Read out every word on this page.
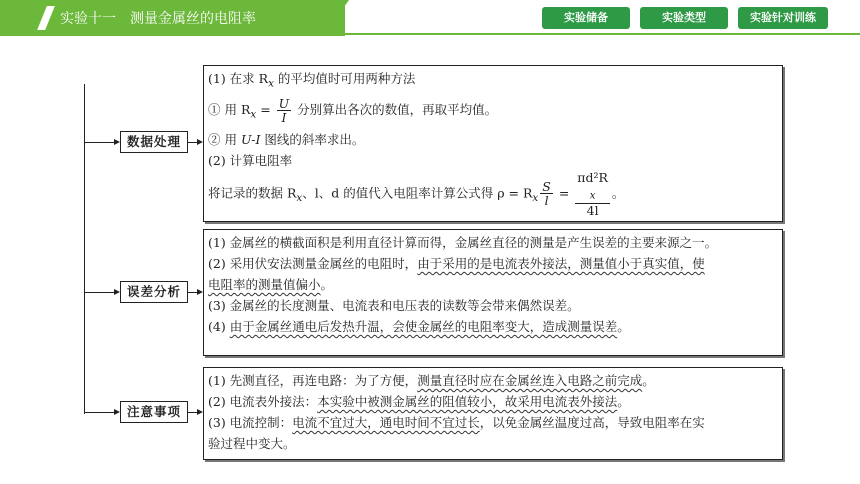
实验十一　测量金属丝的电阻率	实验储备	实验类型	实验针对训练
数据处理
误差分析
注意事项

(1) 在求 $R_x$ 的平均值时可用两种方法

① 用 $R_x = \frac{U}{I}$ 分别算出各次的数值，再取平均值。

② 用 U-I 图线的斜率求出。

(2) 计算电阻率

将记录的数据 $R_x$、l、d 的值代入电阻率计算公式得 $\rho = R_x \frac{S}{l} = \pi d^2R$
$_x$
4l 。

(1) 金属丝的横截面积是利用直径计算而得，金属丝直径的测量是产生误差的主要来源之一。

(2) 采用伏安法测量金属丝的电阻时，由于采用的是电流表外接法，测量值小于真实值，使

电阻率的测量值偏小。

(3) 金属丝的长度测量、电流表和电压表的读数等会带来偶然误差。

(4) 由于金属丝通电后发热升温，会使金属丝的电阻率变大，造成测量误差。

(1) 先测直径，再连电路：为了方便，测量直径时应在金属丝连入电路之前完成。

(2) 电流表外接法：本实验中被测金属丝的阻值较小，故采用电流表外接法。

(3) 电流控制：电流不宜过大，通电时间不宜过长，以免金属丝温度过高，导致电阻率在实

验过程中变大。
